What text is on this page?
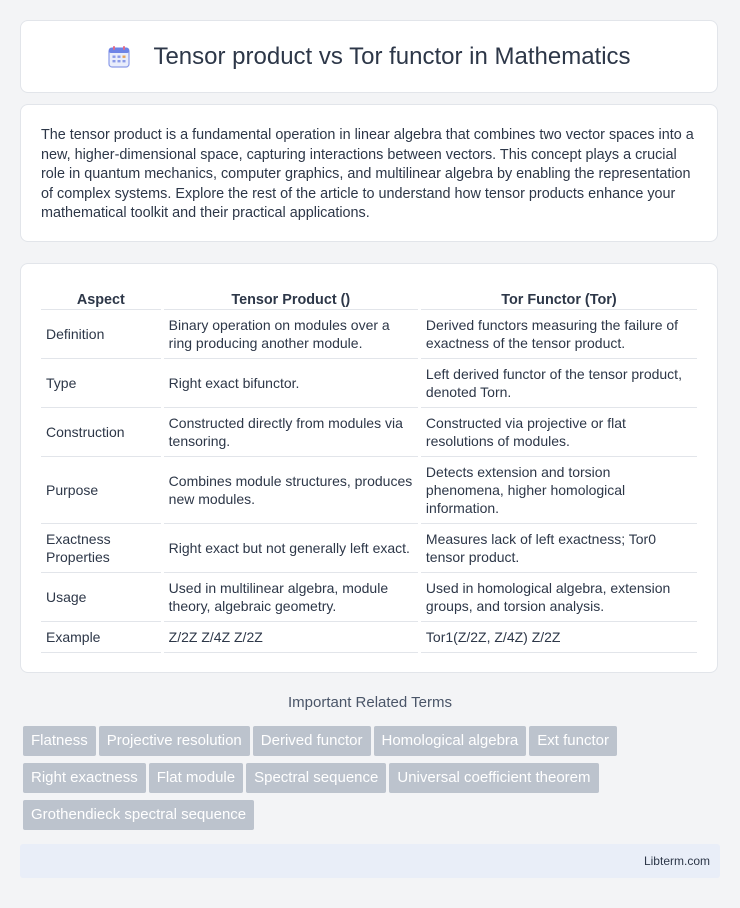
Tensor product vs Tor functor in Mathematics
The tensor product is a fundamental operation in linear algebra that combines two vector spaces into a new, higher-dimensional space, capturing interactions between vectors. This concept plays a crucial role in quantum mechanics, computer graphics, and multilinear algebra by enabling the representation of complex systems. Explore the rest of the article to understand how tensor products enhance your mathematical toolkit and their practical applications.
Aspect	Tensor Product ()	Tor Functor (Tor)
Definition	Binary operation on modules over a ring producing another module.	Derived functors measuring the failure of exactness of the tensor product.
Type	Right exact bifunctor.	Left derived functor of the tensor product, denoted Torn.
Construction	Constructed directly from modules via tensoring.	Constructed via projective or flat resolutions of modules.
Purpose	Combines module structures, produces new modules.	Detects extension and torsion phenomena, higher homological information.
Exactness Properties	Right exact but not generally left exact.	Measures lack of left exactness; Tor0 tensor product.
Usage	Used in multilinear algebra, module theory, algebraic geometry.	Used in homological algebra, extension groups, and torsion analysis.
Example	Z/2Z Z/4Z Z/2Z	Tor1(Z/2Z, Z/4Z) Z/2Z
Important Related Terms
Flatness Projective resolution Derived functor Homological algebra Ext functor
Right exactness Flat module Spectral sequence Universal coefficient theorem
Grothendieck spectral sequence
Libterm.com
